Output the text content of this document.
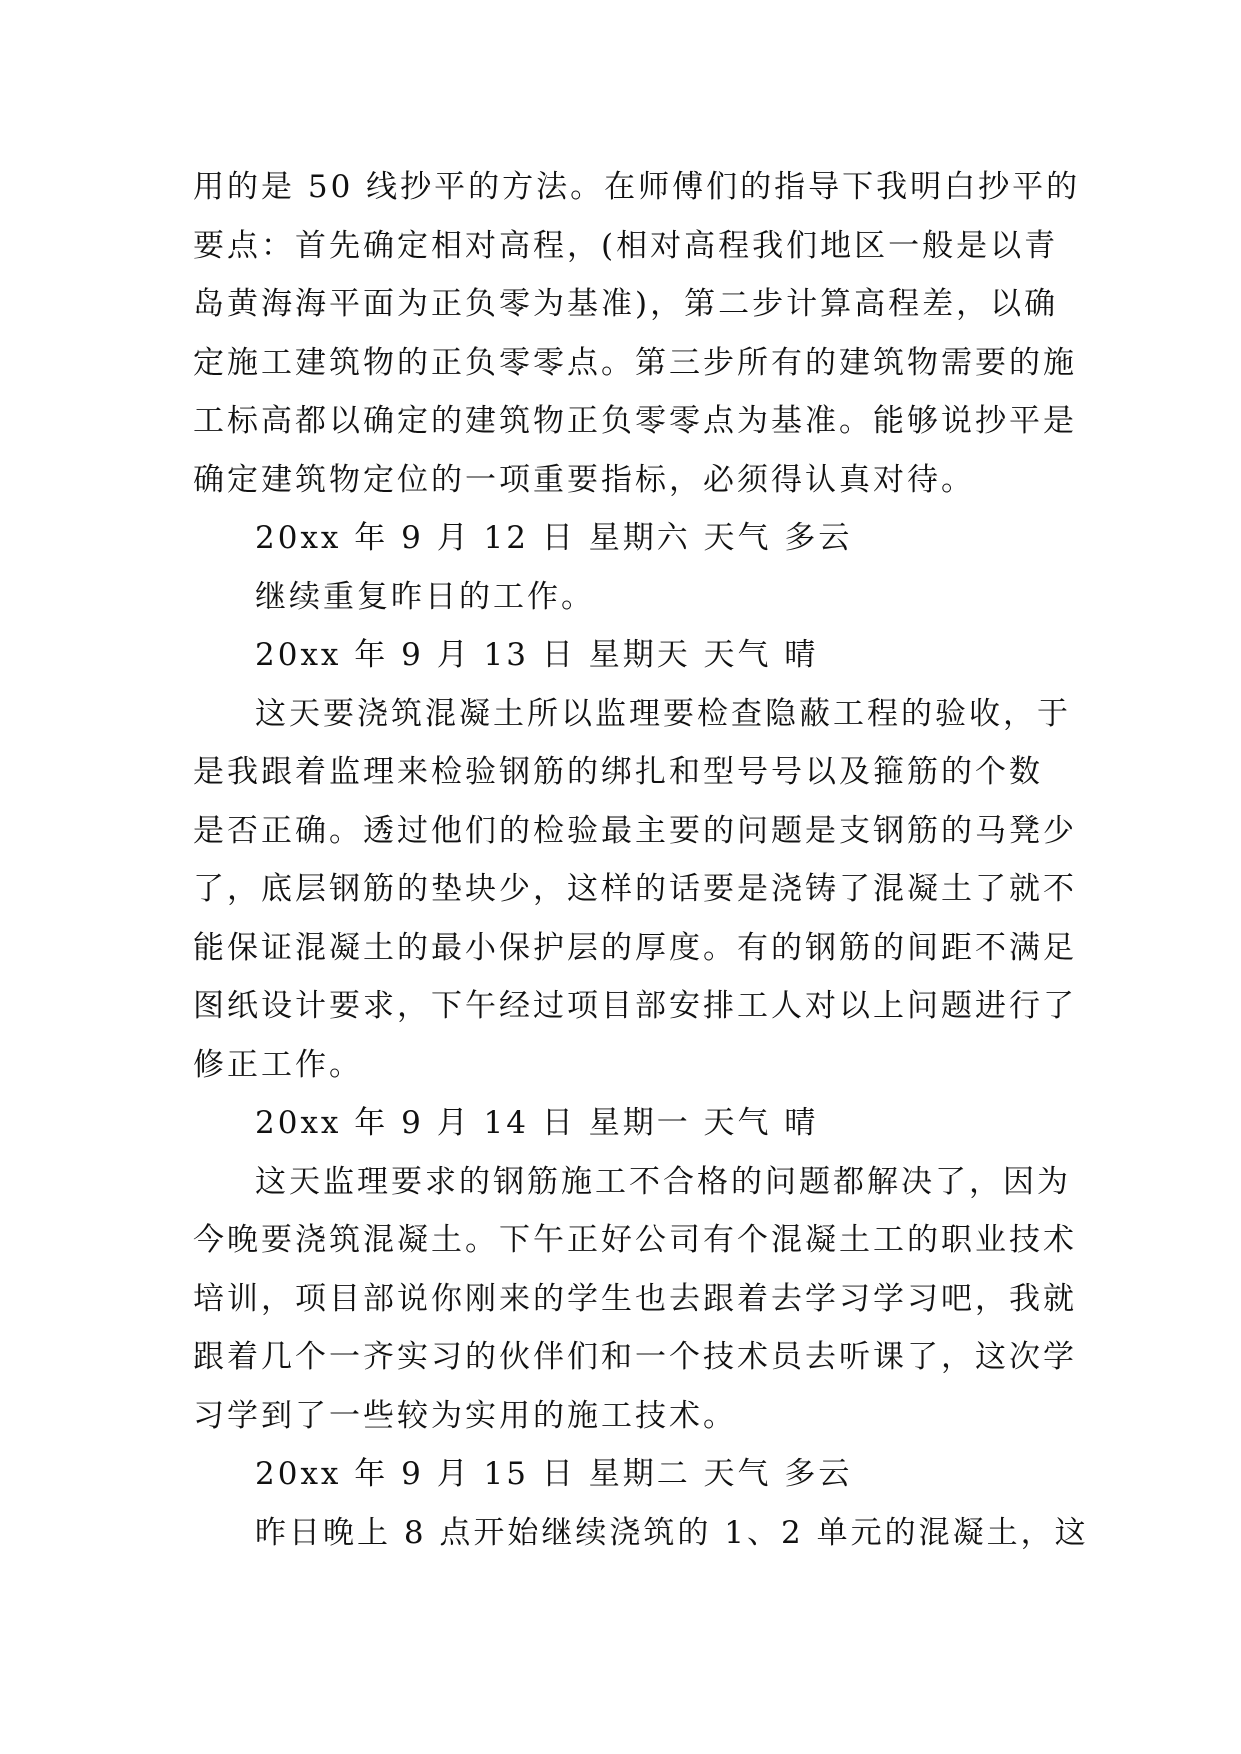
用的是 50 线抄平的方法。在师傅们的指导下我明白抄平的
要点：首先确定相对高程，(相对高程我们地区一般是以青
岛黄海海平面为正负零为基准)，第二步计算高程差，以确
定施工建筑物的正负零零点。第三步所有的建筑物需要的施
工标高都以确定的建筑物正负零零点为基准。能够说抄平是
确定建筑物定位的一项重要指标，必须得认真对待。
20xx 年 9 月 12 日 星期六 天气 多云
继续重复昨日的工作。
20xx 年 9 月 13 日 星期天 天气 晴
这天要浇筑混凝土所以监理要检查隐蔽工程的验收，于
是我跟着监理来检验钢筋的绑扎和型号号以及箍筋的个数
是否正确。透过他们的检验最主要的问题是支钢筋的马凳少
了，底层钢筋的垫块少，这样的话要是浇铸了混凝土了就不
能保证混凝土的最小保护层的厚度。有的钢筋的间距不满足
图纸设计要求，下午经过项目部安排工人对以上问题进行了
修正工作。
20xx 年 9 月 14 日 星期一 天气 晴
这天监理要求的钢筋施工不合格的问题都解决了，因为
今晚要浇筑混凝土。下午正好公司有个混凝土工的职业技术
培训，项目部说你刚来的学生也去跟着去学习学习吧，我就
跟着几个一齐实习的伙伴们和一个技术员去听课了，这次学
习学到了一些较为实用的施工技术。
20xx 年 9 月 15 日 星期二 天气 多云
昨日晚上 8 点开始继续浇筑的 1、2 单元的混凝土，这
